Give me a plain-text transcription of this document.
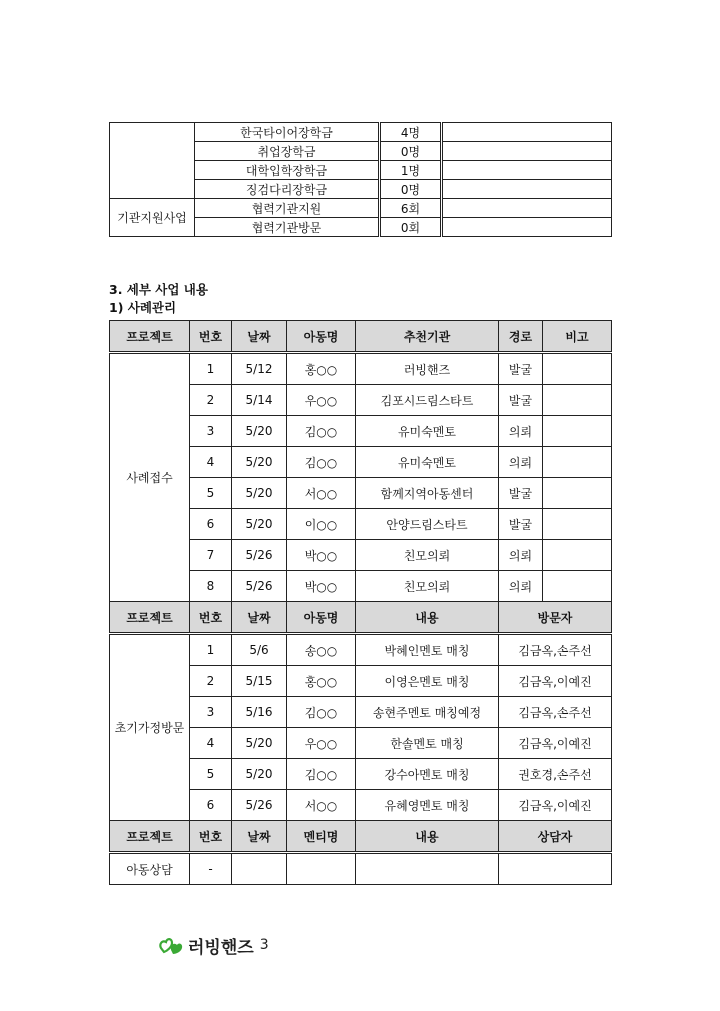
	한국타이어장학금	4명	
	취업장학금	0명	
	대학입학장학금	1명	
	징검다리장학금	0명	
기관지원사업	협력기관지원	6회	
	협력기관방문	0회	
3. 세부 사업 내용
1) 사례관리
프로젝트	번호	날짜	아동명	추천기관	경로	비고
사례접수	1	5/12	홍○○	러빙핸즈	발굴	
	2	5/14	우○○	김포시드림스타트	발굴	
	3	5/20	김○○	유미숙멘토	의뢰	
	4	5/20	김○○	유미숙멘토	의뢰	
	5	5/20	서○○	함께지역아동센터	발굴	
	6	5/20	이○○	안양드림스타트	발굴	
	7	5/26	박○○	친모의뢰	의뢰	
	8	5/26	박○○	친모의뢰	의뢰	
프로젝트	번호	날짜	아동명	내용	방문자	
초기가정방문	1	5/6	송○○	박혜인멘토 매칭	김금옥,손주선	
	2	5/15	홍○○	이영은멘토 매칭	김금옥,이예진	
	3	5/16	김○○	송현주멘토 매칭예정	김금옥,손주선	
	4	5/20	우○○	한솔멘토 매칭	김금옥,이예진	
	5	5/20	김○○	강수아멘토 매칭	권호경,손주선	
	6	5/26	서○○	유혜영멘토 매칭	김금옥,이예진	
프로젝트	번호	날짜	멘티명	내용	상담자	
아동상담	-					
러빙핸즈 3
